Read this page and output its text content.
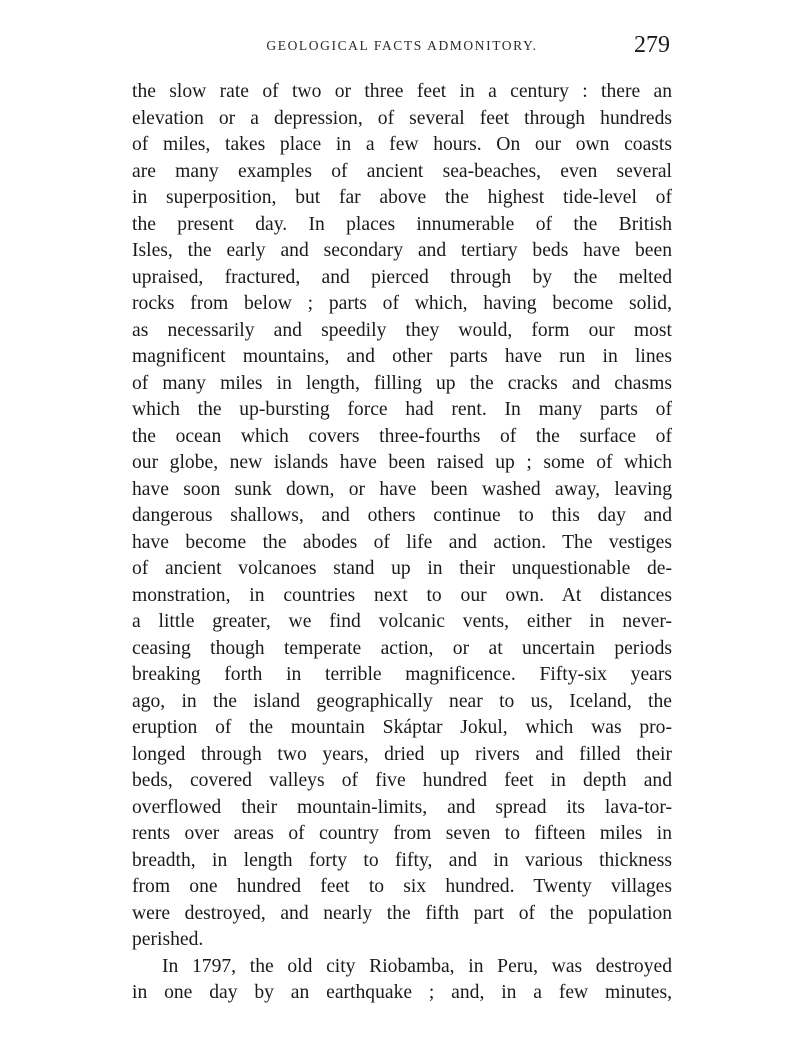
GEOLOGICAL FACTS ADMONITORY.	279
the slow rate of two or three feet in a century : there an
elevation or a depression, of several feet through hundreds
of miles, takes place in a few hours. On our own coasts
are many examples of ancient sea-beaches, even several
in superposition, but far above the highest tide-level of
the present day. In places innumerable of the British
Isles, the early and secondary and tertiary beds have been
upraised, fractured, and pierced through by the melted
rocks from below ; parts of which, having become solid,
as necessarily and speedily they would, form our most
magnificent mountains, and other parts have run in lines
of many miles in length, filling up the cracks and chasms
which the up-bursting force had rent. In many parts of
the ocean which covers three-fourths of the surface of
our globe, new islands have been raised up ; some of which
have soon sunk down, or have been washed away, leaving
dangerous shallows, and others continue to this day and
have become the abodes of life and action. The vestiges
of ancient volcanoes stand up in their unquestionable de-
monstration, in countries next to our own. At distances
a little greater, we find volcanic vents, either in never-
ceasing though temperate action, or at uncertain periods
breaking forth in terrible magnificence. Fifty-six years
ago, in the island geographically near to us, Iceland, the
eruption of the mountain Skáptar Jokul, which was pro-
longed through two years, dried up rivers and filled their
beds, covered valleys of five hundred feet in depth and
overflowed their mountain-limits, and spread its lava-tor-
rents over areas of country from seven to fifteen miles in
breadth, in length forty to fifty, and in various thickness
from one hundred feet to six hundred. Twenty villages
were destroyed, and nearly the fifth part of the population
perished.
In 1797, the old city Riobamba, in Peru, was destroyed
in one day by an earthquake ; and, in a few minutes,
